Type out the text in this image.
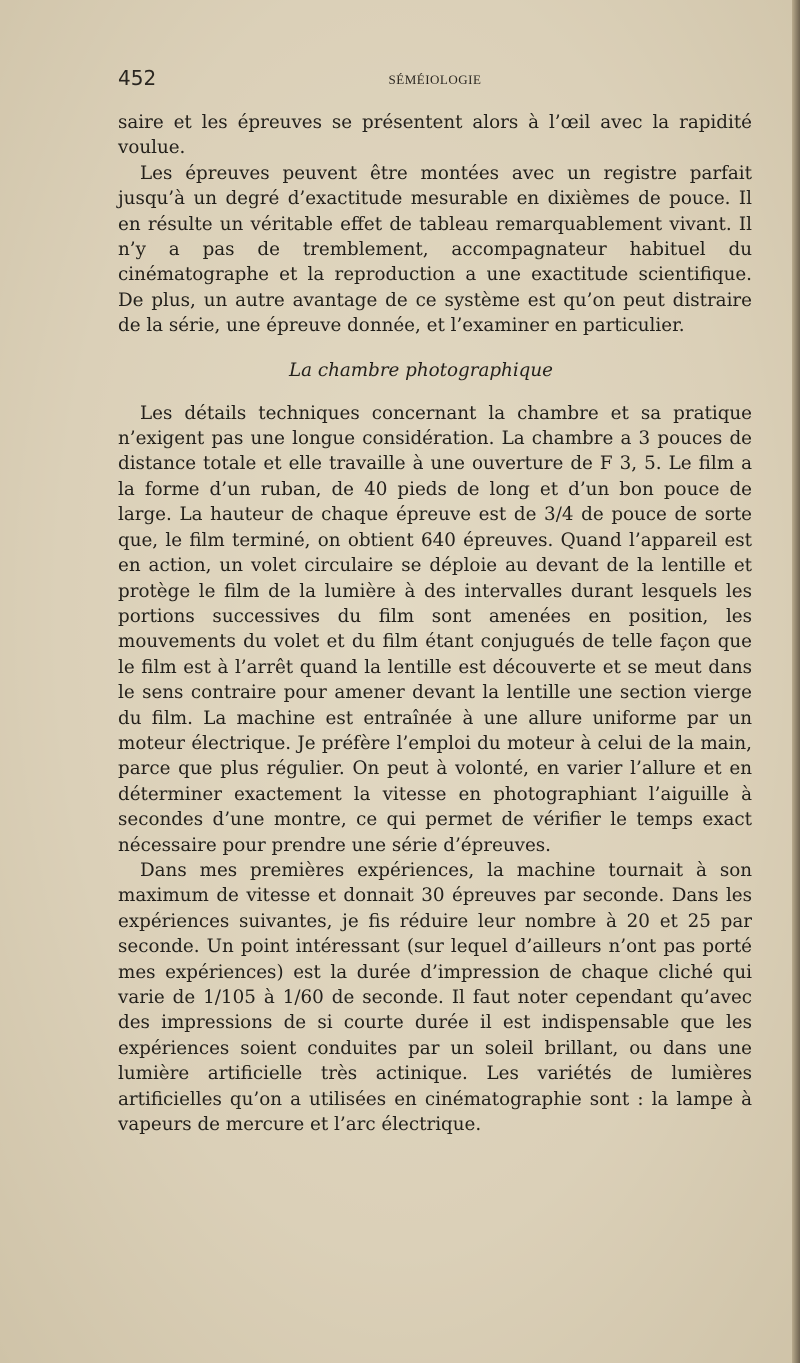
452	SÉMÉIOLOGIE

saire et les épreuves se présentent alors à l’œil avec la rapidité voulue.

Les épreuves peuvent être montées avec un registre parfait jusqu’à un degré d’exactitude mesurable en dixièmes de pouce. Il en résulte un véritable effet de tableau remarquablement vivant. Il n’y a pas de tremblement, accompagnateur habituel du cinématographe et la reproduction a une exactitude scientifique. De plus, un autre avantage de ce système est qu’on peut distraire de la série, une épreuve donnée, et l’examiner en particulier.

La chambre photographique

Les détails techniques concernant la chambre et sa pratique n’exigent pas une longue considération. La chambre a 3 pouces de distance totale et elle travaille à une ouverture de F 3, 5. Le film a la forme d’un ruban, de 40 pieds de long et d’un bon pouce de large. La hauteur de chaque épreuve est de 3/4 de pouce de sorte que, le film terminé, on obtient 640 épreuves. Quand l’appareil est en action, un volet circulaire se déploie au devant de la lentille et protège le film de la lumière à des intervalles durant lesquels les portions successives du film sont amenées en position, les mouvements du volet et du film étant conjugués de telle façon que le film est à l’arrêt quand la lentille est découverte et se meut dans le sens contraire pour amener devant la lentille une section vierge du film. La machine est entraînée à une allure uniforme par un moteur électrique. Je préfère l’emploi du moteur à celui de la main, parce que plus régulier. On peut à volonté, en varier l’allure et en déterminer exactement la vitesse en photographiant l’aiguille à secondes d’une montre, ce qui permet de vérifier le temps exact nécessaire pour prendre une série d’épreuves.

Dans mes premières expériences, la machine tournait à son maximum de vitesse et donnait 30 épreuves par seconde. Dans les expériences suivantes, je fis réduire leur nombre à 20 et 25 par seconde. Un point intéressant (sur lequel d’ailleurs n’ont pas porté mes expériences) est la durée d’impression de chaque cliché qui varie de 1/105 à 1/60 de seconde. Il faut noter cependant qu’avec des impressions de si courte durée il est indispensable que les expériences soient conduites par un soleil brillant, ou dans une lumière artificielle très actinique. Les variétés de lumières artificielles qu’on a utilisées en cinématographie sont : la lampe à vapeurs de mercure et l’arc électrique.
